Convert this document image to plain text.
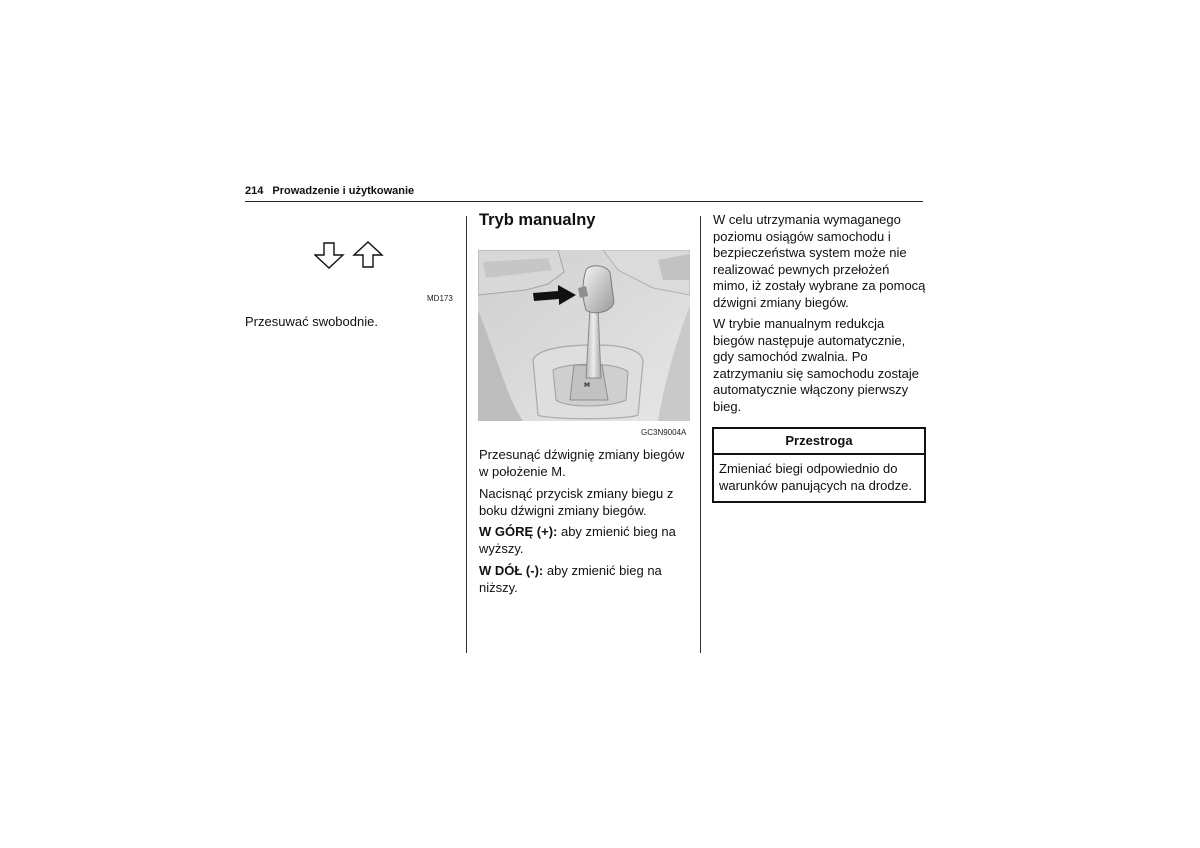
214 Prowadzenie i użytkowanie
MD173

Przesuwać swobodnie.

Tryb manualny
M
GC3N9004A

Przesunąć dźwignię zmiany biegów
w położenie M.

Nacisnąć przycisk zmiany biegu z
boku dźwigni zmiany biegów.

W GÓRĘ (+): aby zmienić bieg na
wyższy.

W DÓŁ (-): aby zmienić bieg na
niższy.

W celu utrzymania wymaganego
poziomu osiągów samochodu i
bezpieczeństwa system może nie
realizować pewnych przełożeń
mimo, iż zostały wybrane za pomocą
dźwigni zmiany biegów.

W trybie manualnym redukcja
biegów następuje automatycznie,
gdy samochód zwalnia. Po
zatrzymaniu się samochodu zostaje
automatycznie włączony pierwszy
bieg.

Przestroga
Zmieniać biegi odpowiednio do
warunków panujących na drodze.
